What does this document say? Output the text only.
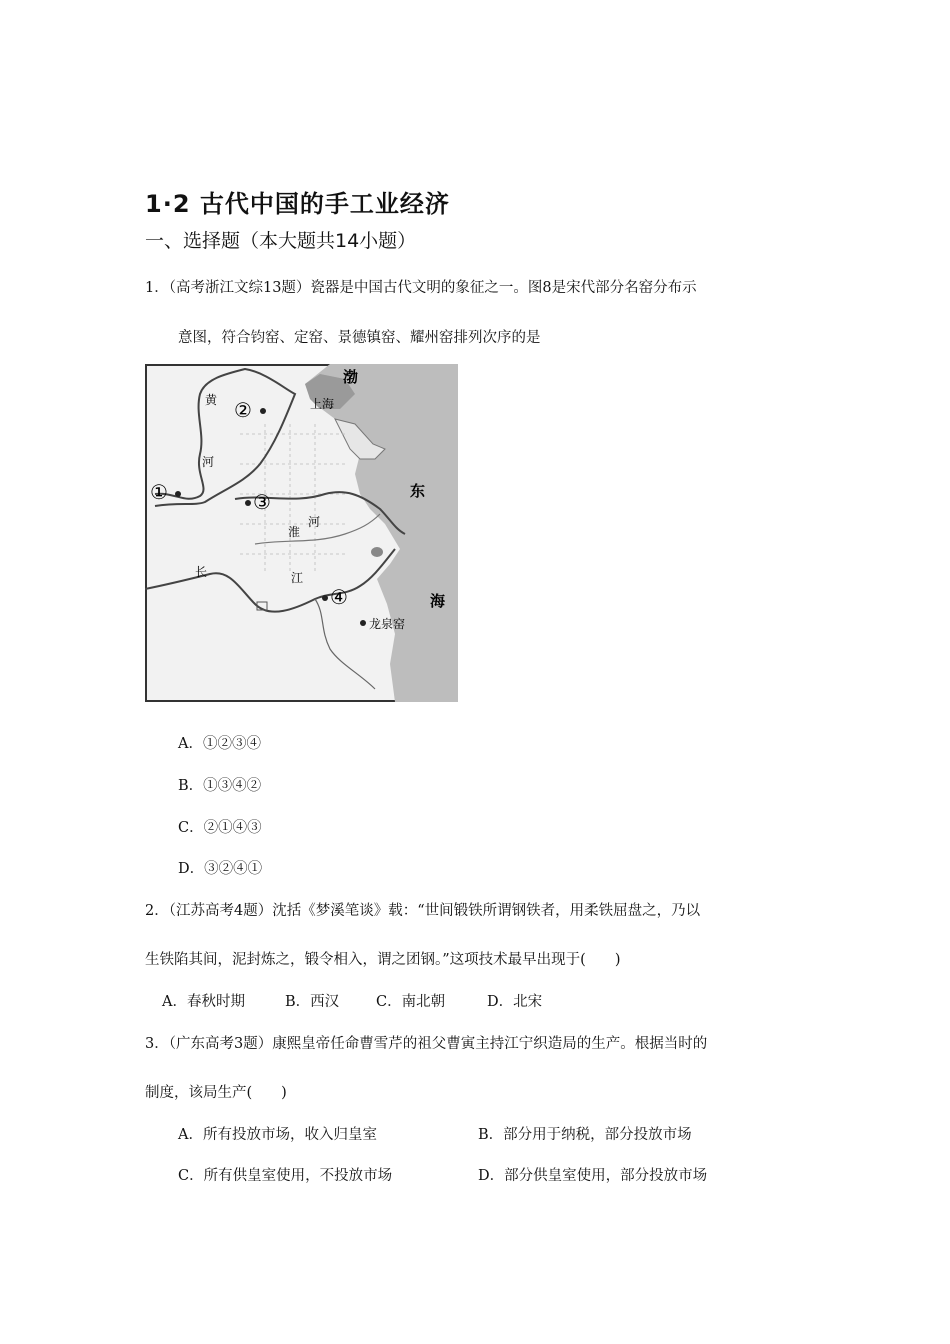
1·2 古代中国的手工业经济
一、选择题（本大题共14小题）
1．（高考浙江文综13题）瓷器是中国古代文明的象征之一。图8是宋代部分名窑分布示
意图，符合钧窑、定窑、景德镇窑、耀州窑排列次序的是
渤
上海
黄
河
东
海
淮
河
长	江
①
②
③
④
龙泉窑
A．①②③④
B．①③④②
C．②①④③
D．③②④①
2．（江苏高考4题）沈括《梦溪笔谈》载：“世间锻铁所谓钢铁者，用柔铁屈盘之，乃以
生铁陷其间，泥封炼之，锻令相入，谓之团钢。”这项技术最早出现于(　　)
A．春秋时期	B．西汉	C．南北朝	D．北宋
3．（广东高考3题）康熙皇帝任命曹雪芹的祖父曹寅主持江宁织造局的生产。根据当时的
制度，该局生产(　　)
A．所有投放市场，收入归皇室	B．部分用于纳税，部分投放市场
C．所有供皇室使用，不投放市场	D．部分供皇室使用，部分投放市场
